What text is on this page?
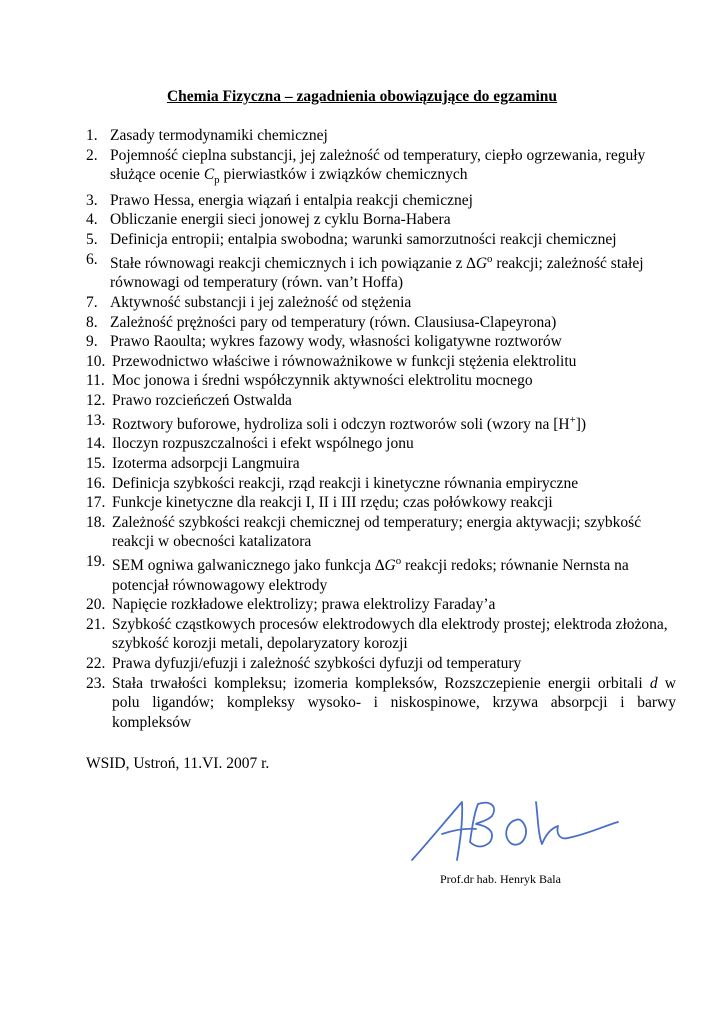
Chemia Fizyczna – zagadnienia obowiązujące do egzaminu
1. Zasady termodynamiki chemicznej
2. Pojemność cieplna substancji, jej zależność od temperatury, ciepło ogrzewania, reguły służące ocenie $C_p$ pierwiastków i związków chemicznych
3. Prawo Hessa, energia wiązań i entalpia reakcji chemicznej
4. Obliczanie energii sieci jonowej z cyklu Borna-Habera
5. Definicja entropii; entalpia swobodna; warunki samorzutności reakcji chemicznej
6. Stałe równowagi reakcji chemicznych i ich powiązanie z $\Delta G^o$ reakcji; zależność stałej równowagi od temperatury (równ. van’t Hoffa)
7. Aktywność substancji i jej zależność od stężenia
8. Zależność prężności pary od temperatury (równ. Clausiusa-Clapeyrona)
9. Prawo Raoulta; wykres fazowy wody, własności koligatywne roztworów
10. Przewodnictwo właściwe i równoważnikowe w funkcji stężenia elektrolitu
11. Moc jonowa i średni współczynnik aktywności elektrolitu mocnego
12. Prawo rozcieńczeń Ostwalda
13. Roztwory buforowe, hydroliza soli i odczyn roztworów soli (wzory na [H+])
14. Iloczyn rozpuszczalności i efekt wspólnego jonu
15. Izoterma adsorpcji Langmuira
16. Definicja szybkości reakcji, rząd reakcji i kinetyczne równania empiryczne
17. Funkcje kinetyczne dla reakcji I, II i III rzędu; czas połówkowy reakcji
18. Zależność szybkości reakcji chemicznej od temperatury; energia aktywacji; szybkość reakcji w obecności katalizatora
19. SEM ogniwa galwanicznego jako funkcja $\Delta G^o$ reakcji redoks; równanie Nernsta na potencjał równowagowy elektrody
20. Napięcie rozkładowe elektrolizy; prawa elektrolizy Faraday’a
21. Szybkość cząstkowych procesów elektrodowych dla elektrody prostej; elektroda złożona, szybkość korozji metali, depolaryzatory korozji
22. Prawa dyfuzji/efuzji i zależność szybkości dyfuzji od temperatury
23. Stała trwałości kompleksu; izomeria kompleksów, Rozszczepienie energii orbitali d w polu ligandów; kompleksy wysoko- i niskospinowe, krzywa absorpcji i barwy kompleksów
WSID, Ustroń, 11.VI. 2007 r.
Prof.dr hab. Henryk Bala
